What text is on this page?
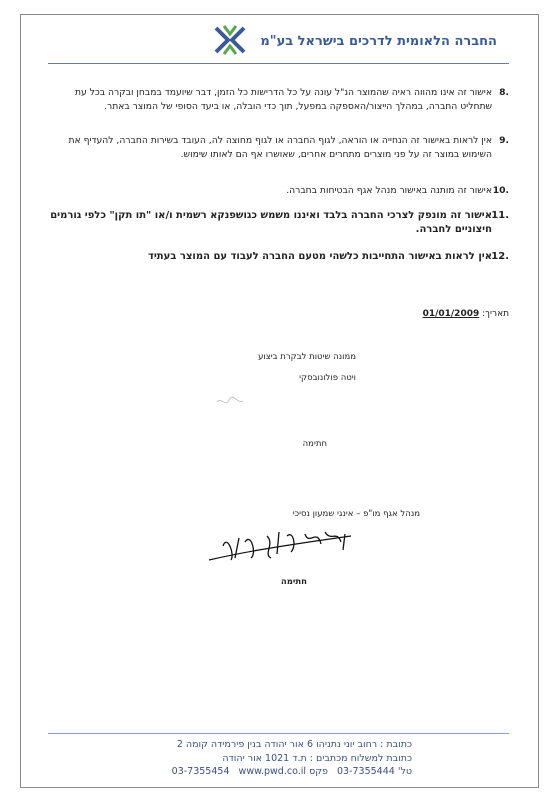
החברה הלאומית לדרכים בישראל בע"מ
.8
אישור זה אינו מהווה ראיה שהמוצר הנ"ל עונה על כל הדרישות כל הזמן, דבר שיועמד במבחן ובקרה בכל עת שתחליט החברה, במהלך הייצור/האספקה במפעל, תוך כדי הובלה, או ביעד הסופי של המוצר באתר.
.9
אין לראות באישור זה הנחייה או הוראה, לגוף החברה או לגוף מחוצה לה, העובד בשירות החברה, להעדיף את השימוש במוצר זה על פני מוצרים מתחרים אחרים, שאושרו אף הם לאותו שימוש.
.10
אישור זה מותנה באישור מנהל אגף הבטיחות בחברה.
.11
אישור זה מונפק לצרכי החברה בלבד ואיננו משמש כגושפנקא רשמית ו/או "תו תקן" כלפי גורמים חיצוניים לחברה.
.12
אין לראות באישור התחייבות כלשהי מטעם החברה לעבוד עם המוצר בעתיד
תאריך: 01/01/2009
ממונה שיטות לבקרת ביצוע
ויטה פולונובסקי
חתימה
מנהל אגף מו"פ – אינגי שמעון נסיכי
חתימה
כתובת : רחוב יוני נתניהו 6 אור יהודה בנין פירמידה קומה 2
כתובת למשלוח מכתבים : ת.ד 1021 אור יהודה
טל' 03-7355444   פקס 03-7355454 www.pwd.co.il
